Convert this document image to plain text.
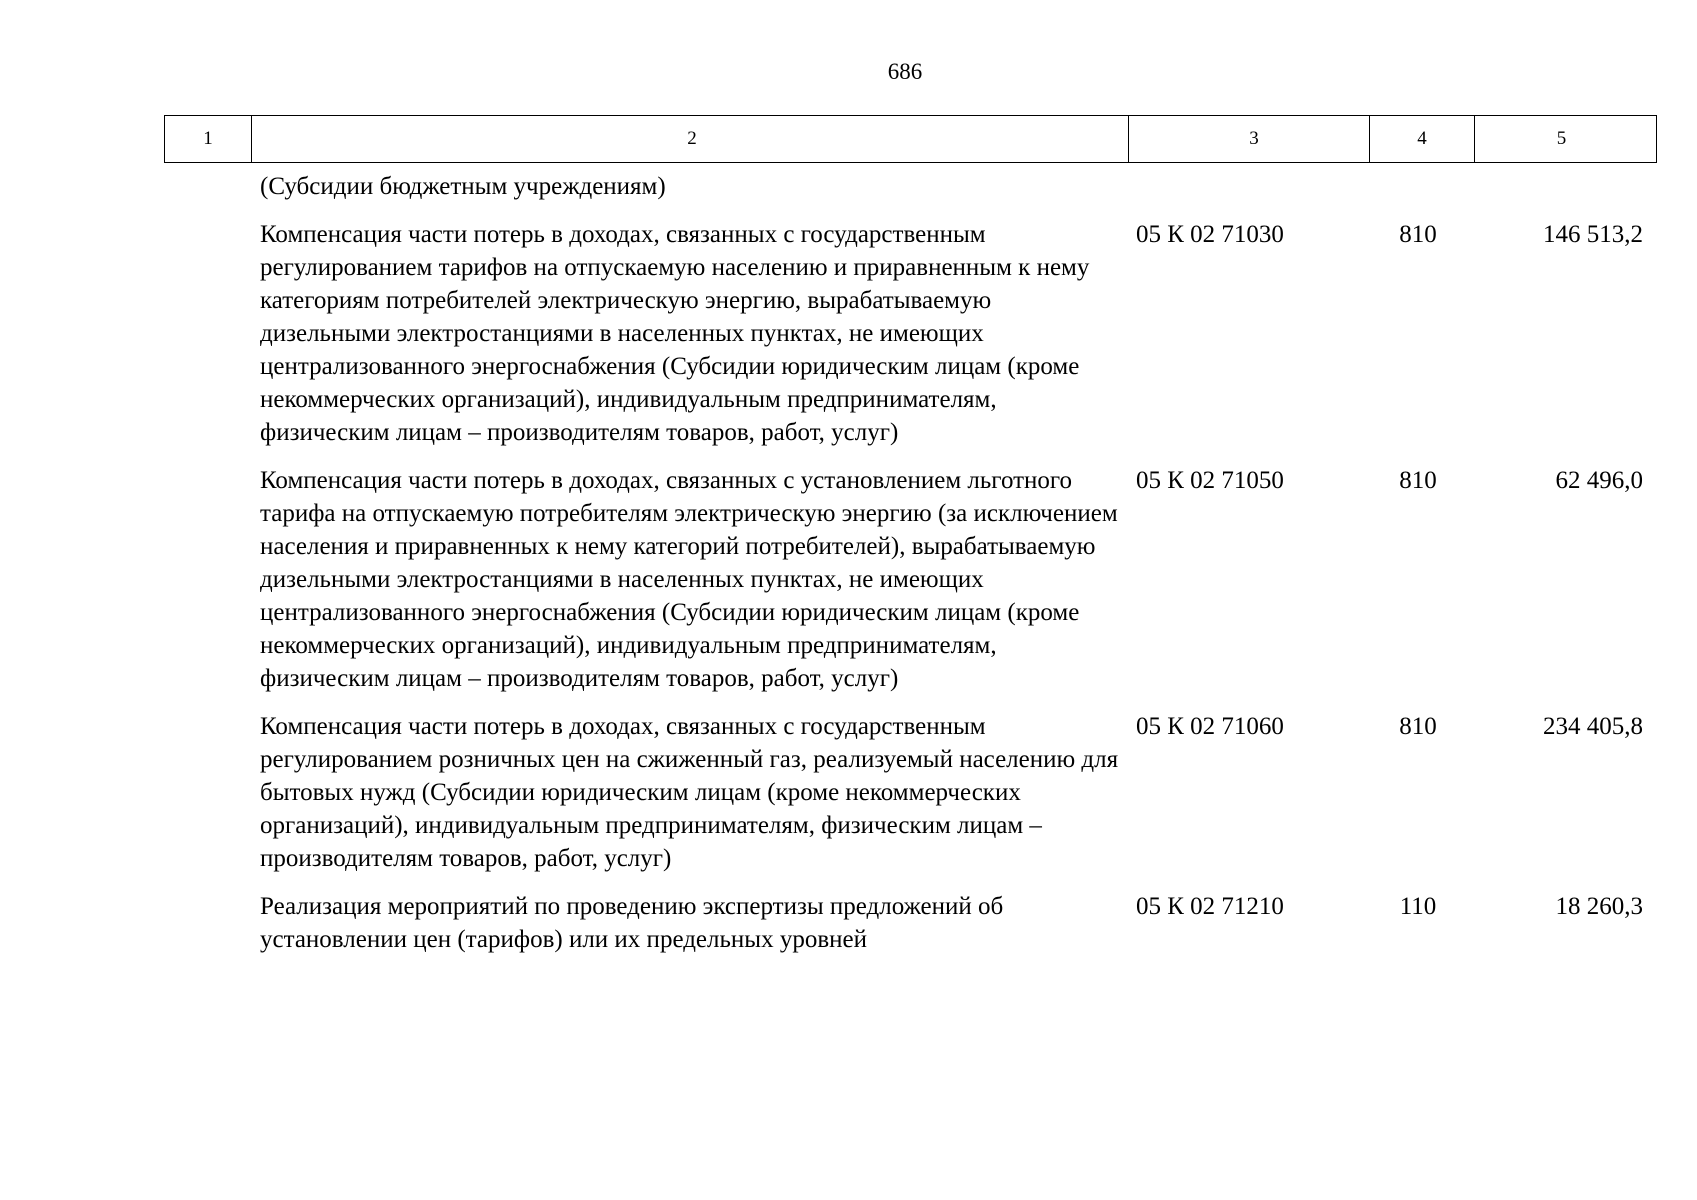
686
1	2	3	4	5
	(Субсидии бюджетным учреждениям)			
	Компенсация части потерь в доходах, связанных с государственным регулированием тарифов на отпускаемую населению и приравненным к нему категориям потребителей электрическую энергию, вырабатываемую дизельными электростанциями в населенных пунктах, не имеющих централизованного энергоснабжения (Субсидии юридическим лицам (кроме некоммерческих организаций), индивидуальным предпринимателям, физическим лицам – производителям товаров, работ, услуг)	05 К 02 71030	810	146 513,2
	Компенсация части потерь в доходах, связанных с установлением льготного тарифа на отпускаемую потребителям электрическую энергию (за исключением населения и приравненных к нему категорий потребителей), вырабатываемую дизельными электростанциями в населенных пунктах, не имеющих централизованного энергоснабжения (Субсидии юридическим лицам (кроме некоммерческих организаций), индивидуальным предпринимателям, физическим лицам – производителям товаров, работ, услуг)	05 К 02 71050	810	62 496,0
	Компенсация части потерь в доходах, связанных с государственным регулированием розничных цен на сжиженный газ, реализуемый населению для бытовых нужд (Субсидии юридическим лицам (кроме некоммерческих организаций), индивидуальным предпринимателям, физическим лицам – производителям товаров, работ, услуг)	05 К 02 71060	810	234 405,8
	Реализация мероприятий по проведению экспертизы предложений об установлении цен (тарифов) или их предельных уровней	05 К 02 71210	110	18 260,3
